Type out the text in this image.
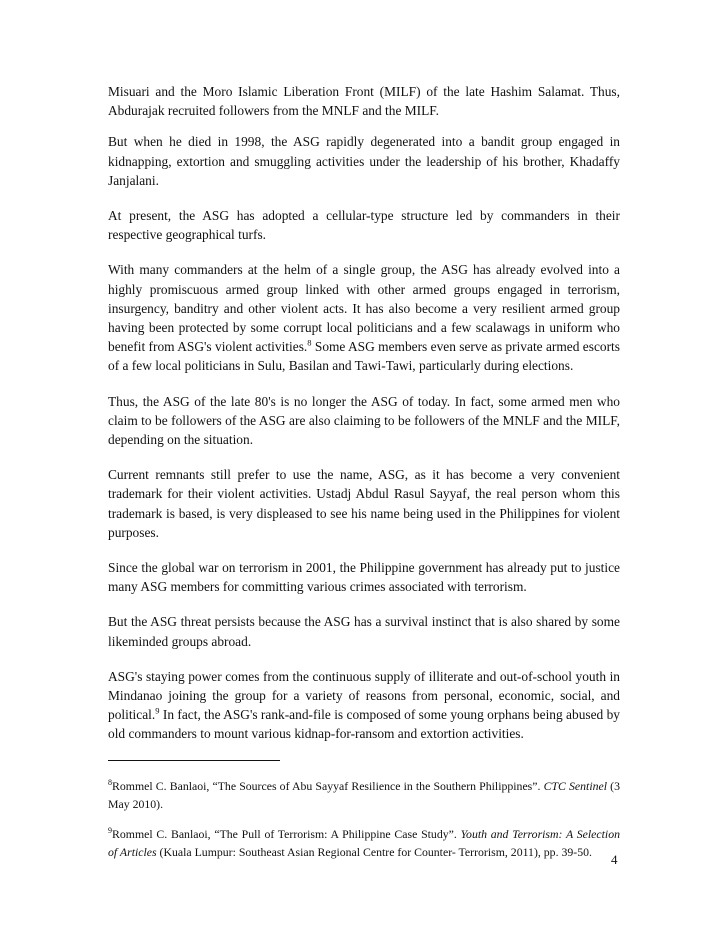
Misuari and the Moro Islamic Liberation Front (MILF) of the late Hashim Salamat. Thus, Abdurajak recruited followers from the MNLF and the MILF.

But when he died in 1998, the ASG rapidly degenerated into a bandit group engaged in kidnapping, extortion and smuggling activities under the leadership of his brother, Khadaffy Janjalani.

At present, the ASG has adopted a cellular-type structure led by commanders in their respective geographical turfs.

With many commanders at the helm of a single group, the ASG has already evolved into a highly promiscuous armed group linked with other armed groups engaged in terrorism, insurgency, banditry and other violent acts. It has also become a very resilient armed group having been protected by some corrupt local politicians and a few scalawags in uniform who benefit from ASG's violent activities.$^8$ Some ASG members even serve as private armed escorts of a few local politicians in Sulu, Basilan and Tawi-Tawi, particularly during elections.

Thus, the ASG of the late 80's is no longer the ASG of today. In fact, some armed men who claim to be followers of the ASG are also claiming to be followers of the MNLF and the MILF, depending on the situation.

Current remnants still prefer to use the name, ASG, as it has become a very convenient trademark for their violent activities. Ustadj Abdul Rasul Sayyaf, the real person whom this trademark is based, is very displeased to see his name being used in the Philippines for violent purposes.

Since the global war on terrorism in 2001, the Philippine government has already put to justice many ASG members for committing various crimes associated with terrorism.

But the ASG threat persists because the ASG has a survival instinct that is also shared by some likeminded groups abroad.

ASG's staying power comes from the continuous supply of illiterate and out-of-school youth in Mindanao joining the group for a variety of reasons from personal, economic, social, and political.$^9$ In fact, the ASG's rank-and-file is composed of some young orphans being abused by old commanders to mount various kidnap-for-ransom and extortion activities.

$^8$Rommel C. Banlaoi, “The Sources of Abu Sayyaf Resilience in the Southern Philippines”. CTC Sentinel (3 May 2010).

$^9$Rommel C. Banlaoi, “The Pull of Terrorism: A Philippine Case Study”. Youth and Terrorism: A Selection of Articles (Kuala Lumpur: Southeast Asian Regional Centre for Counter- Terrorism, 2011), pp. 39-50.

4
